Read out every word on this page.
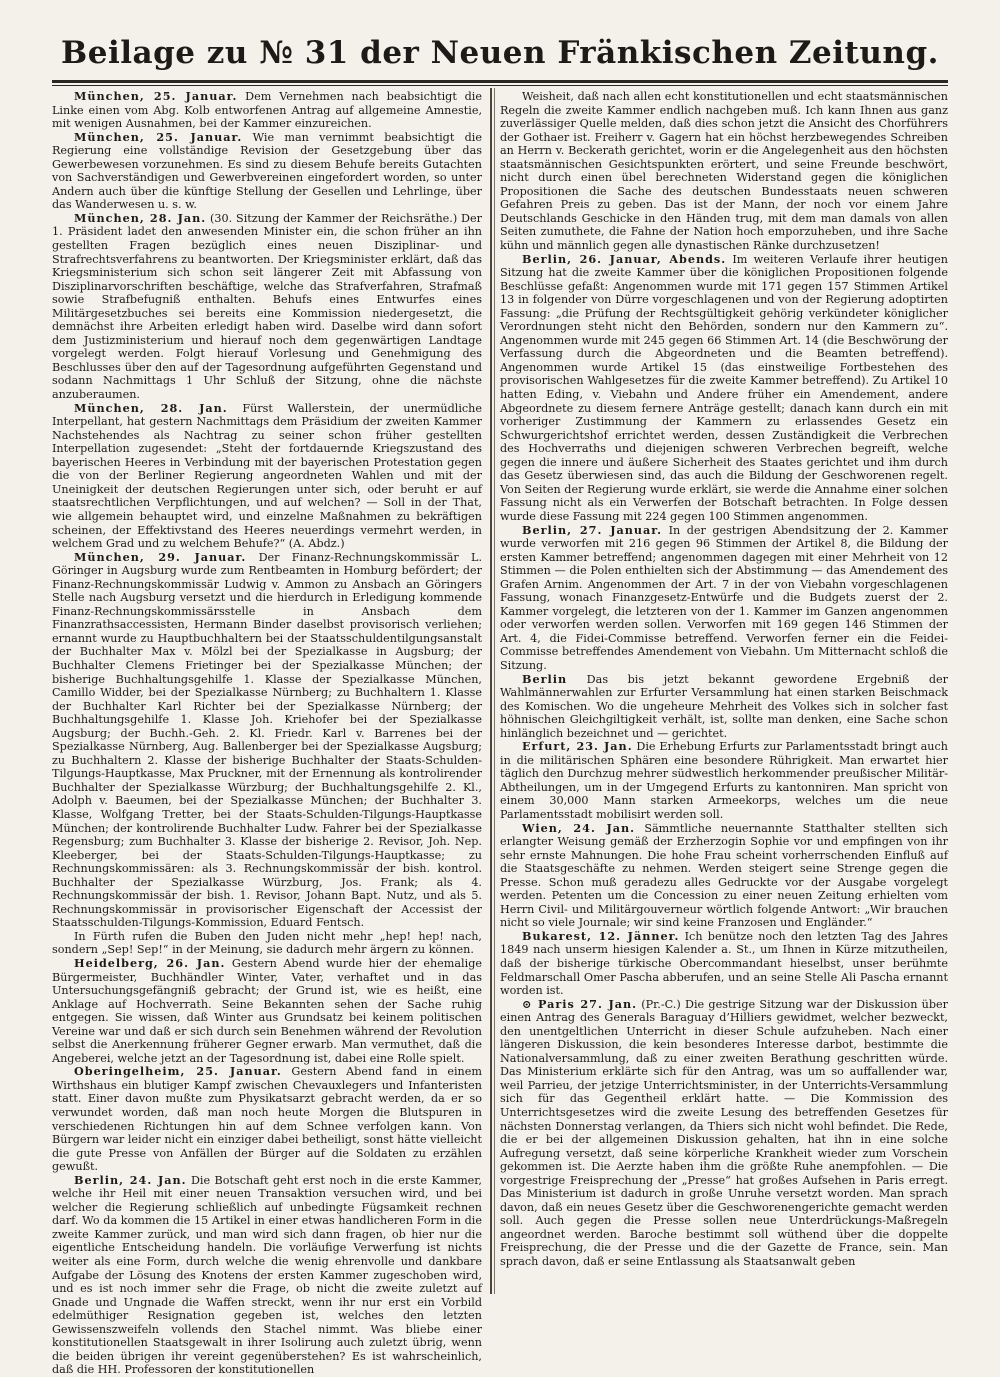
Beilage zu № 31 der Neuen Fränkischen Zeitung.

München, 25. Januar. Dem Vernehmen nach beabsichtigt die Linke einen vom Abg. Kolb entworfenen Antrag auf allgemeine Amnestie, mit wenigen Ausnahmen, bei der Kammer einzureichen.

München, 25. Januar. Wie man vernimmt beabsichtigt die Regierung eine vollständige Revision der Gesetzgebung über das Gewerbewesen vorzunehmen. Es sind zu diesem Behufe bereits Gutachten von Sachverständigen und Gewerbvereinen eingefordert worden, so unter Andern auch über die künftige Stellung der Gesellen und Lehrlinge, über das Wanderwesen u. s. w.

München, 28. Jan. (30. Sitzung der Kammer der Reichsräthe.) Der 1. Präsident ladet den anwesenden Minister ein, die schon früher an ihn gestellten Fragen bezüglich eines neuen Disziplinar- und Strafrechtsverfahrens zu beantworten. Der Kriegsminister erklärt, daß das Kriegsministerium sich schon seit längerer Zeit mit Abfassung von Disziplinarvorschriften beschäftige, welche das Strafverfahren, Strafmaß sowie Strafbefugniß enthalten. Behufs eines Entwurfes eines Militärgesetzbuches sei bereits eine Kommission niedergesetzt, die demnächst ihre Arbeiten erledigt haben wird. Daselbe wird dann sofort dem Justizministerium und hierauf noch dem gegenwärtigen Landtage vorgelegt werden. Folgt hierauf Vorlesung und Genehmigung des Beschlusses über den auf der Tagesordnung aufgeführten Gegenstand und sodann Nachmittags 1 Uhr Schluß der Sitzung, ohne die nächste anzuberaumen.

München, 28. Jan. Fürst Wallerstein, der unermüdliche Interpellant, hat gestern Nachmittags dem Präsidium der zweiten Kammer Nachstehendes als Nachtrag zu seiner schon früher gestellten Interpellation zugesendet: „Steht der fortdauernde Kriegszustand des bayerischen Heeres in Verbindung mit der bayerischen Protestation gegen die von der Berliner Regierung angeordneten Wahlen und mit der Uneinigkeit der deutschen Regierungen unter sich, oder beruht er auf staatsrechtlichen Verpflichtungen, und auf welchen? — Soll in der That, wie allgemein behauptet wird, und einzelne Maßnahmen zu bekräftigen scheinen, der Effektivstand des Heeres neuerdings vermehrt werden, in welchem Grad und zu welchem Behufe?“ (A. Abdz.)

München, 29. Januar. Der Finanz-Rechnungskommissär L. Göringer in Augsburg wurde zum Rentbeamten in Homburg befördert; der Finanz-Rechnungskommissär Ludwig v. Ammon zu Ansbach an Göringers Stelle nach Augsburg versetzt und die hierdurch in Erledigung kommende Finanz-Rechnungskommissärsstelle in Ansbach dem Finanzrathsaccessisten, Hermann Binder daselbst provisorisch verliehen; ernannt wurde zu Hauptbuchhaltern bei der Staatsschuldentilgungsanstalt der Buchhalter Max v. Mölzl bei der Spezialkasse in Augsburg; der Buchhalter Clemens Frietinger bei der Spezialkasse München; der bisherige Buchhaltungsgehilfe 1. Klasse der Spezialkasse München, Camillo Widder, bei der Spezialkasse Nürnberg; zu Buchhaltern 1. Klasse der Buchhalter Karl Richter bei der Spezialkasse Nürnberg; der Buchhaltungsgehilfe 1. Klasse Joh. Kriehofer bei der Spezialkasse Augsburg; der Buchh.-Geh. 2. Kl. Friedr. Karl v. Barrenes bei der Spezialkasse Nürnberg, Aug. Ballenberger bei der Spezialkasse Augsburg; zu Buchhaltern 2. Klasse der bisherige Buchhalter der Staats-Schulden-Tilgungs-Hauptkasse, Max Pruckner, mit der Ernennung als kontrolirender Buchhalter der Spezialkasse Würzburg; der Buchhaltungsgehilfe 2. Kl., Adolph v. Baeumen, bei der Spezialkasse München; der Buchhalter 3. Klasse, Wolfgang Tretter, bei der Staats-Schulden-Tilgungs-Hauptkasse München; der kontrolirende Buchhalter Ludw. Fahrer bei der Spezialkasse Regensburg; zum Buchhalter 3. Klasse der bisherige 2. Revisor, Joh. Nep. Kleeberger, bei der Staats-Schulden-Tilgungs-Hauptkasse; zu Rechnungskommissären: als 3. Rechnungskommissär der bish. kontrol. Buchhalter der Spezialkasse Würzburg, Jos. Frank; als 4. Rechnungskommissär der bish. 1. Revisor, Johann Bapt. Nutz, und als 5. Rechnungskommissär in provisorischer Eigenschaft der Accessist der Staatsschulden-Tilgungs-Kommission, Eduard Fentsch.

In Fürth rufen die Buben den Juden nicht mehr „hep! hep! nach, sondern „Sep! Sep!“ in der Meinung, sie dadurch mehr ärgern zu können.

Heidelberg, 26. Jan. Gestern Abend wurde hier der ehemalige Bürgermeister, Buchhändler Winter, Vater, verhaftet und in das Untersuchungsgefängniß gebracht; der Grund ist, wie es heißt, eine Anklage auf Hochverrath. Seine Bekannten sehen der Sache ruhig entgegen. Sie wissen, daß Winter aus Grundsatz bei keinem politischen Vereine war und daß er sich durch sein Benehmen während der Revolution selbst die Anerkennung früherer Gegner erwarb. Man vermuthet, daß die Angeberei, welche jetzt an der Tagesordnung ist, dabei eine Rolle spielt.

Oberingelheim, 25. Januar. Gestern Abend fand in einem Wirthshaus ein blutiger Kampf zwischen Chevauxlegers und Infanteristen statt. Einer davon mußte zum Physikatsarzt gebracht werden, da er so verwundet worden, daß man noch heute Morgen die Blutspuren in verschiedenen Richtungen hin auf dem Schnee verfolgen kann. Von Bürgern war leider nicht ein einziger dabei betheiligt, sonst hätte vielleicht die gute Presse von Anfällen der Bürger auf die Soldaten zu erzählen gewußt.

Berlin, 24. Jan. Die Botschaft geht erst noch in die erste Kammer, welche ihr Heil mit einer neuen Transaktion versuchen wird, und bei welcher die Regierung schließlich auf unbedingte Fügsamkeit rechnen darf. Wo da kommen die 15 Artikel in einer etwas handlicheren Form in die zweite Kammer zurück, und man wird sich dann fragen, ob hier nur die eigentliche Entscheidung handeln. Die vorläufige Verwerfung ist nichts weiter als eine Form, durch welche die wenig ehrenvolle und dankbare Aufgabe der Lösung des Knotens der ersten Kammer zugeschoben wird, und es ist noch immer sehr die Frage, ob nicht die zweite zuletzt auf Gnade und Ungnade die Waffen streckt, wenn ihr nur erst ein Vorbild edelmüthiger Resignation gegeben ist, welches den letzten Gewissenszweifeln vollends den Stachel nimmt. Was bliebe einer konstitutionellen Staatsgewalt in ihrer Isolirung auch zuletzt übrig, wenn die beiden übrigen ihr vereint gegenüberstehen? Es ist wahrscheinlich, daß die HH. Professoren der konstitutionellen

Weisheit, daß nach allen echt konstitutionellen und echt staatsmännischen Regeln die zweite Kammer endlich nachgeben muß. Ich kann Ihnen aus ganz zuverlässiger Quelle melden, daß dies schon jetzt die Ansicht des Chorführers der Gothaer ist. Freiherr v. Gagern hat ein höchst herzbewegendes Schreiben an Herrn v. Beckerath gerichtet, worin er die Angelegenheit aus den höchsten staatsmännischen Gesichtspunkten erörtert, und seine Freunde beschwört, nicht durch einen übel berechneten Widerstand gegen die königlichen Propositionen die Sache des deutschen Bundesstaats neuen schweren Gefahren Preis zu geben. Das ist der Mann, der noch vor einem Jahre Deutschlands Geschicke in den Händen trug, mit dem man damals von allen Seiten zumuthete, die Fahne der Nation hoch emporzuheben, und ihre Sache kühn und männlich gegen alle dynastischen Ränke durchzusetzen!

Berlin, 26. Januar, Abends. Im weiteren Verlaufe ihrer heutigen Sitzung hat die zweite Kammer über die königlichen Propositionen folgende Beschlüsse gefaßt: Angenommen wurde mit 171 gegen 157 Stimmen Artikel 13 in folgender von Dürre vorgeschlagenen und von der Regierung adoptirten Fassung: „die Prüfung der Rechtsgültigkeit gehörig verkündeter königlicher Verordnungen steht nicht den Behörden, sondern nur den Kammern zu“. Angenommen wurde mit 245 gegen 66 Stimmen Art. 14 (die Beschwörung der Verfassung durch die Abgeordneten und die Beamten betreffend). Angenommen wurde Artikel 15 (das einstweilige Fortbestehen des provisorischen Wahlgesetzes für die zweite Kammer betreffend). Zu Artikel 10 hatten Eding, v. Viebahn und Andere früher ein Amendement, andere Abgeordnete zu diesem fernere Anträge gestellt; danach kann durch ein mit vorheriger Zustimmung der Kammern zu erlassendes Gesetz ein Schwurgerichtshof errichtet werden, dessen Zuständigkeit die Verbrechen des Hochverraths und diejenigen schweren Verbrechen begreift, welche gegen die innere und äußere Sicherheit des Staates gerichtet und ihm durch das Gesetz überwiesen sind, das auch die Bildung der Geschworenen regelt. Von Seiten der Regierung wurde erklärt, sie werde die Annahme einer solchen Fassung nicht als ein Verwerfen der Botschaft betrachten. In Folge dessen wurde diese Fassung mit 224 gegen 100 Stimmen angenommen.

Berlin, 27. Januar. In der gestrigen Abendsitzung der 2. Kammer wurde verworfen mit 216 gegen 96 Stimmen der Artikel 8, die Bildung der ersten Kammer betreffend; angenommen dagegen mit einer Mehrheit von 12 Stimmen — die Polen enthielten sich der Abstimmung — das Amendement des Grafen Arnim. Angenommen der Art. 7 in der von Viebahn vorgeschlagenen Fassung, wonach Finanzgesetz-Entwürfe und die Budgets zuerst der 2. Kammer vorgelegt, die letzteren von der 1. Kammer im Ganzen angenommen oder verworfen werden sollen. Verworfen mit 169 gegen 146 Stimmen der Art. 4, die Fidei-Commisse betreffend. Verworfen ferner ein die Feidei-Commisse betreffendes Amendement von Viebahn. Um Mitternacht schloß die Sitzung.

Berlin Das bis jetzt bekannt gewordene Ergebniß der Wahlmännerwahlen zur Erfurter Versammlung hat einen starken Beischmack des Komischen. Wo die ungeheure Mehrheit des Volkes sich in solcher fast höhnischen Gleichgiltigkeit verhält, ist, sollte man denken, eine Sache schon hinlänglich bezeichnet und — gerichtet.

Erfurt, 23. Jan. Die Erhebung Erfurts zur Parlamentsstadt bringt auch in die militärischen Sphären eine besondere Rührigkeit. Man erwartet hier täglich den Durchzug mehrer südwestlich herkommender preußischer Militär-Abtheilungen, um in der Umgegend Erfurts zu kantonniren. Man spricht von einem 30,000 Mann starken Armeekorps, welches um die neue Parlamentsstadt mobilisirt werden soll.

Wien, 24. Jan. Sämmtliche neuernannte Statthalter stellten sich erlangter Weisung gemäß der Erzherzogin Sophie vor und empfingen von ihr sehr ernste Mahnungen. Die hohe Frau scheint vorherrschenden Einfluß auf die Staatsgeschäfte zu nehmen. Werden steigert seine Strenge gegen die Presse. Schon muß geradezu alles Gedruckte vor der Ausgabe vorgelegt werden. Petenten um die Concession zu einer neuen Zeitung erhielten vom Herrn Civil- und Militärgouverneur wörtlich folgende Antwort: „Wir brauchen nicht so viele Journale; wir sind keine Franzosen und Engländer.“

Bukarest, 12. Jänner. Ich benütze noch den letzten Tag des Jahres 1849 nach unserm hiesigen Kalender a. St., um Ihnen in Kürze mitzutheilen, daß der bisherige türkische Obercommandant hieselbst, unser berühmte Feldmarschall Omer Pascha abberufen, und an seine Stelle Ali Pascha ernannt worden ist.

⊙ Paris 27. Jan. (Pr.-C.) Die gestrige Sitzung war der Diskussion über einen Antrag des Generals Baraguay d’Hilliers gewidmet, welcher bezweckt, den unentgeltlichen Unterricht in dieser Schule aufzuheben. Nach einer längeren Diskussion, die kein besonderes Interesse darbot, bestimmte die Nationalversammlung, daß zu einer zweiten Berathung geschritten würde. Das Ministerium erklärte sich für den Antrag, was um so auffallender war, weil Parrieu, der jetzige Unterrichtsminister, in der Unterrichts-Versammlung sich für das Gegentheil erklärt hatte. — Die Kommission des Unterrichtsgesetzes wird die zweite Lesung des betreffenden Gesetzes für nächsten Donnerstag verlangen, da Thiers sich nicht wohl befindet. Die Rede, die er bei der allgemeinen Diskussion gehalten, hat ihn in eine solche Aufregung versetzt, daß seine körperliche Krankheit wieder zum Vorschein gekommen ist. Die Aerzte haben ihm die größte Ruhe anempfohlen. — Die vorgestrige Freisprechung der „Presse“ hat großes Aufsehen in Paris erregt. Das Ministerium ist dadurch in große Unruhe versetzt worden. Man sprach davon, daß ein neues Gesetz über die Geschworenengerichte gemacht werden soll. Auch gegen die Presse sollen neue Unterdrückungs-Maßregeln angeordnet werden. Baroche bestimmt soll wüthend über die doppelte Freisprechung, die der Presse und die der Gazette de France, sein. Man sprach davon, daß er seine Entlassung als Staatsanwalt geben
